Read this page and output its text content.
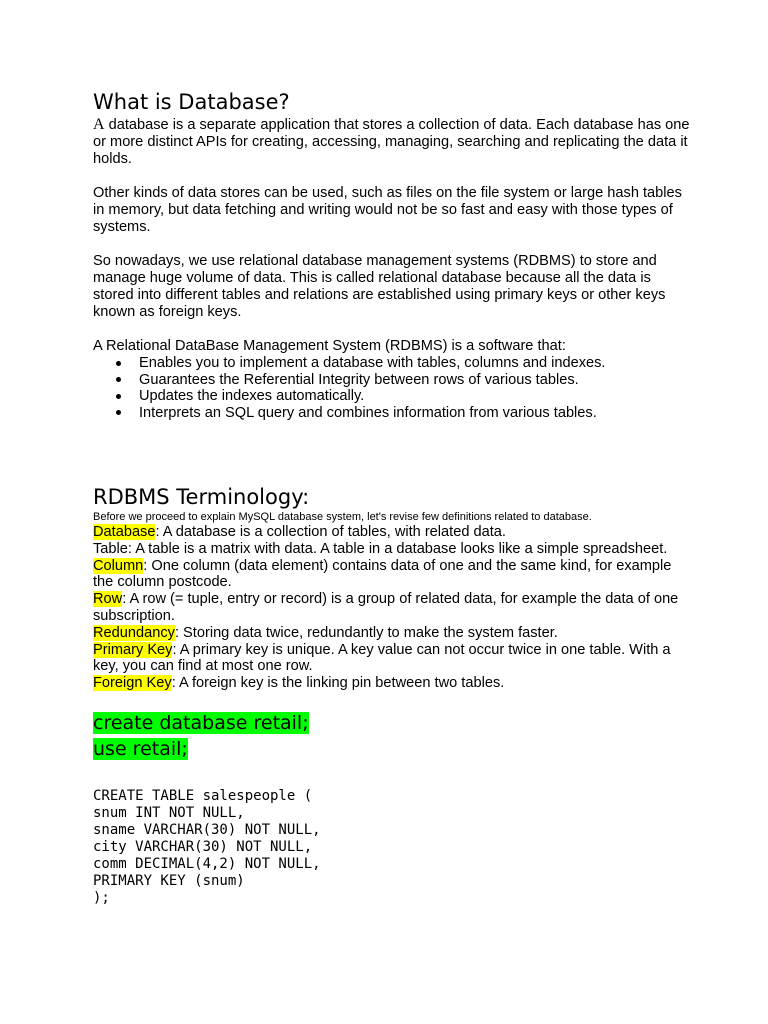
What is Database?

A database is a separate application that stores a collection of data. Each database has one or more distinct APIs for creating, accessing, managing, searching and replicating the data it holds.

Other kinds of data stores can be used, such as files on the file system or large hash tables in memory, but data fetching and writing would not be so fast and easy with those types of systems.

So nowadays, we use relational database management systems (RDBMS) to store and manage huge volume of data. This is called relational database because all the data is stored into different tables and relations are established using primary keys or other keys known as foreign keys.

A Relational DataBase Management System (RDBMS) is a software that:

Enables you to implement a database with tables, columns and indexes.
Guarantees the Referential Integrity between rows of various tables.
Updates the indexes automatically.
Interprets an SQL query and combines information from various tables.
RDBMS Terminology:

Before we proceed to explain MySQL database system, let's revise few definitions related to database.

Database: A database is a collection of tables, with related data.

Table: A table is a matrix with data. A table in a database looks like a simple spreadsheet.

Column: One column (data element) contains data of one and the same kind, for example the column postcode.

Row: A row (= tuple, entry or record) is a group of related data, for example the data of one subscription.

Redundancy: Storing data twice, redundantly to make the system faster.

Primary Key: A primary key is unique. A key value can not occur twice in one table. With a key, you can find at most one row.

Foreign Key: A foreign key is the linking pin between two tables.

create database retail;

use retail;

CREATE TABLE salespeople (
snum INT NOT NULL,
sname VARCHAR(30) NOT NULL,
city VARCHAR(30) NOT NULL,
comm DECIMAL(4,2) NOT NULL,
PRIMARY KEY (snum)
);
